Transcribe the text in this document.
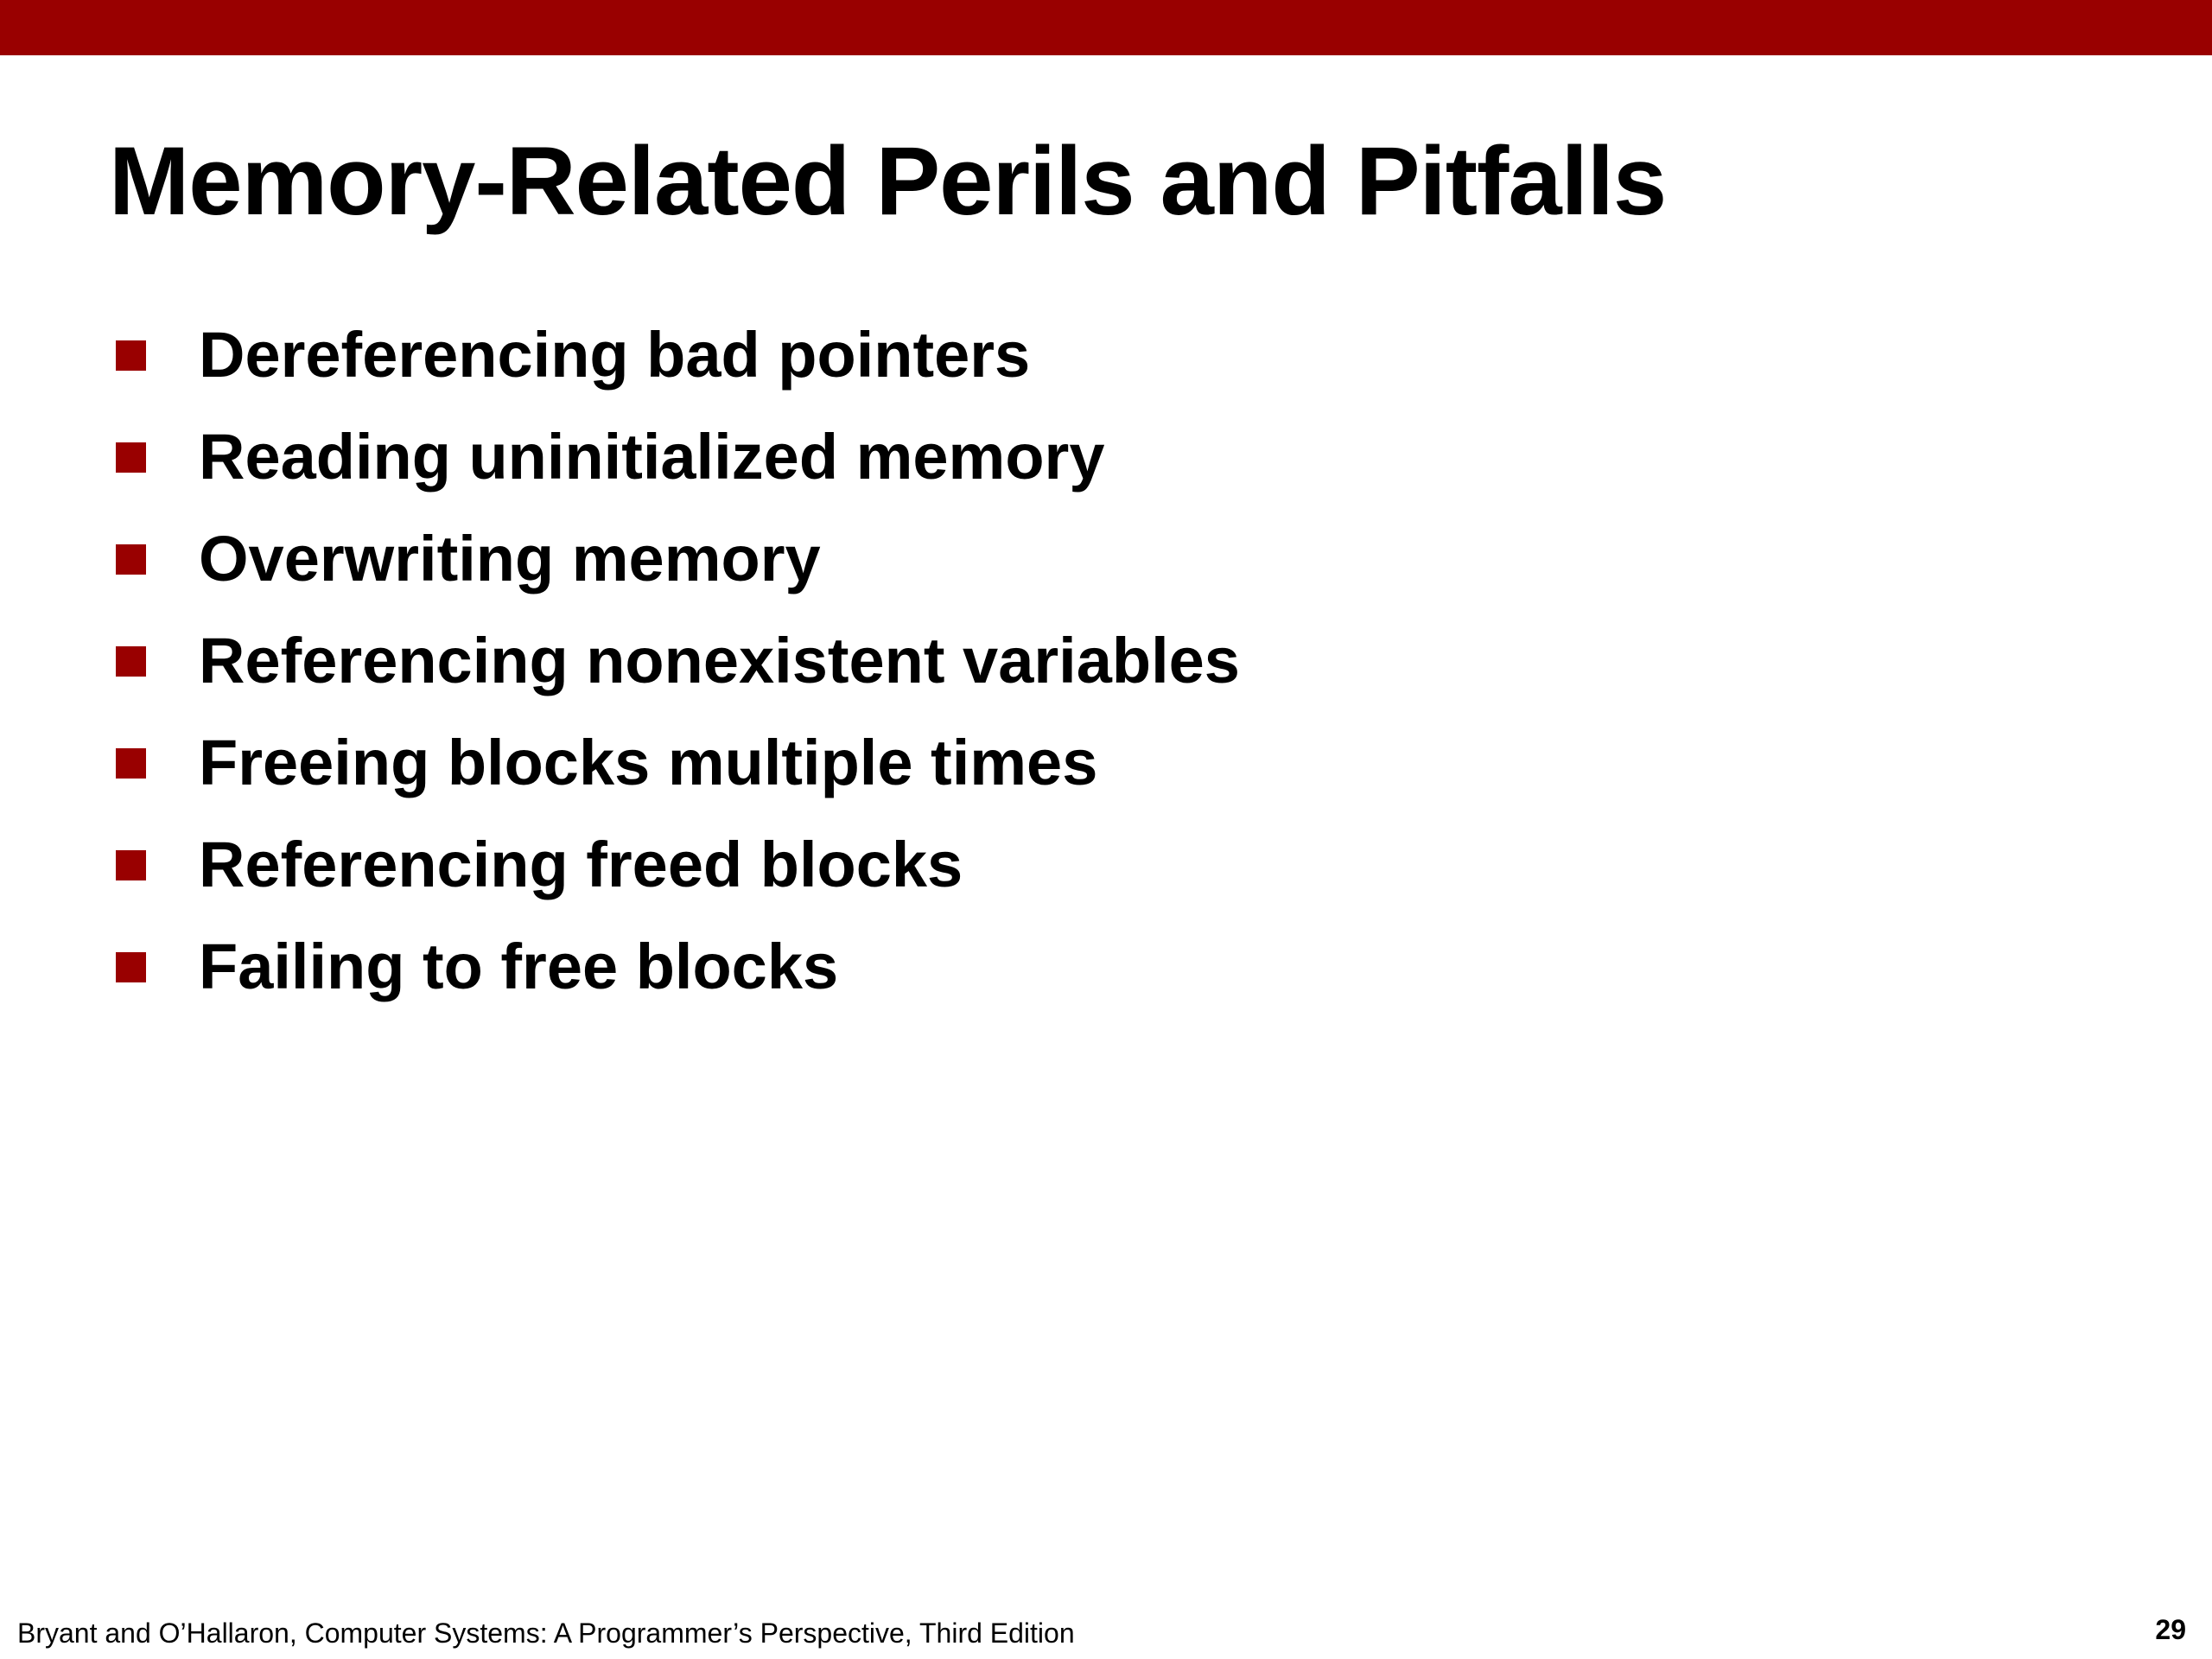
Memory-Related Perils and Pitfalls
Dereferencing bad pointers
Reading uninitialized memory
Overwriting memory
Referencing nonexistent variables
Freeing blocks multiple times
Referencing freed blocks
Failing to free blocks
Bryant and O’Hallaron, Computer Systems: A Programmer’s Perspective, Third Edition	29
